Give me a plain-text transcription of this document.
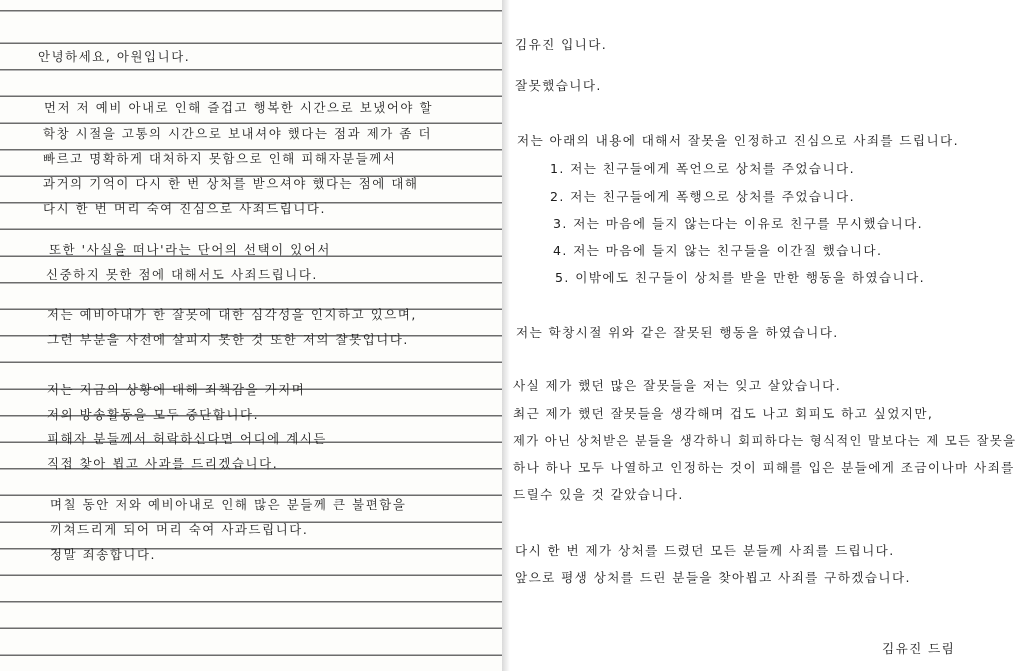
안녕하세요, 아원입니다.
먼저 저 예비 아내로 인해 즐겁고 행복한 시간으로 보냈어야 할
학창 시절을 고통의 시간으로 보내셔야 했다는 점과 제가 좀 더
빠르고 명확하게 대처하지 못함으로 인해 피해자분들께서
과거의 기억이 다시 한 번 상처를 받으셔야 했다는 점에 대해
다시 한 번 머리 숙여 진심으로 사죄드립니다.
또한 '사실을 떠나'라는 단어의 선택이 있어서
신중하지 못한 점에 대해서도 사죄드립니다.
저는 예비아내가 한 잘못에 대한 심각성을 인지하고 있으며,
그런 부분을 사전에 살피지 못한 것 또한 저의 잘못입니다.
저는 지금의 상황에 대해 죄책감을 가지며
저의 방송활동을 모두 중단합니다.
피해자 분들께서 허락하신다면 어디에 계시든
직접 찾아 뵙고 사과를 드리겠습니다.
며칠 동안 저와 예비아내로 인해 많은 분들께 큰 불편함을
끼쳐드리게 되어 머리 숙여 사과드립니다.
정말 죄송합니다.
김유진 입니다.
잘못했습니다.
저는 아래의 내용에 대해서 잘못을 인정하고 진심으로 사죄를 드립니다.
1. 저는 친구들에게 폭언으로 상처를 주었습니다.
2. 저는 친구들에게 폭행으로 상처를 주었습니다.
3. 저는 마음에 들지 않는다는 이유로 친구를 무시했습니다.
4. 저는 마음에 들지 않는 친구들을 이간질 했습니다.
5. 이밖에도 친구들이 상처를 받을 만한 행동을 하였습니다.
저는 학창시절 위와 같은 잘못된 행동을 하였습니다.
사실 제가 했던 많은 잘못들을 저는 잊고 살았습니다.
최근 제가 했던 잘못들을 생각해며 겁도 나고 회피도 하고 싶었지만,
제가 아닌 상처받은 분들을 생각하니 회피하다는 형식적인 말보다는 제 모든 잘못을
하나 하나 모두 나열하고 인정하는 것이 피해를 입은 분들에게 조금이나마 사죄를
드릴수 있을 것 같았습니다.
다시 한 번 제가 상처를 드렸던 모든 분들께 사죄를 드립니다.
앞으로 평생 상처를 드린 분들을 찾아뵙고 사죄를 구하겠습니다.
김유진 드림
